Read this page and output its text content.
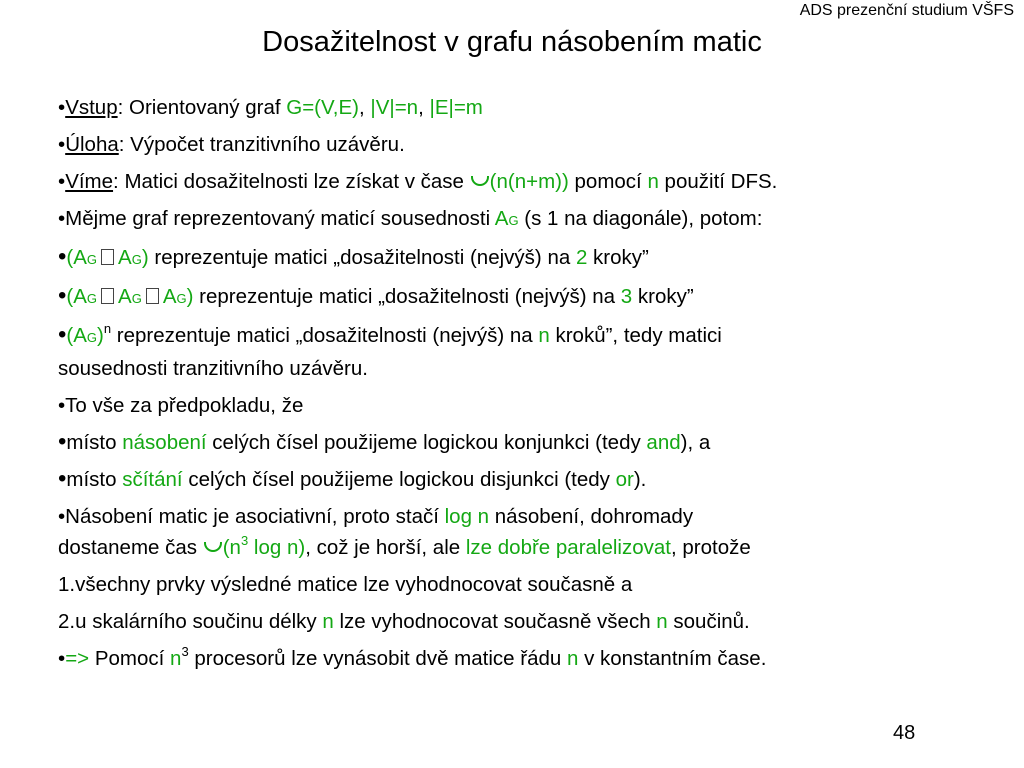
ADS prezenční studium VŠFS
Dosažitelnost v grafu násobením matic
•Vstup: Orientovaný graf G=(V,E), |V|=n, |E|=m
•Úloha: Výpočet tranzitivního uzávěru.
•Víme: Matici dosažitelnosti lze získat v čase (n(n+m)) pomocí n použití DFS.
•Mějme graf reprezentovaný maticí sousednosti AG (s 1 na diagonále), potom:
•(AG AG) reprezentuje matici „dosažitelnosti (nejvýš) na 2 kroky”
•(AG AG AG) reprezentuje matici „dosažitelnosti (nejvýš) na 3 kroky”
•(AG)$^n$ reprezentuje matici „dosažitelnosti (nejvýš) na n kroků”, tedy matici
sousednosti tranzitivního uzávěru.
•To vše za předpokladu, že
•místo násobení celých čísel použijeme logickou konjunkci (tedy and), a
•místo sčítání celých čísel použijeme logickou disjunkci (tedy or).
•Násobení matic je asociativní, proto stačí log n násobení, dohromady
dostaneme čas ($n^3$ log n), což je horší, ale lze dobře paralelizovat, protože
1.všechny prvky výsledné matice lze vyhodnocovat současně a
2.u skalárního součinu délky n lze vyhodnocovat současně všech n součinů.
•=> Pomocí $n^3$ procesorů lze vynásobit dvě matice řádu n v konstantním čase.
48
